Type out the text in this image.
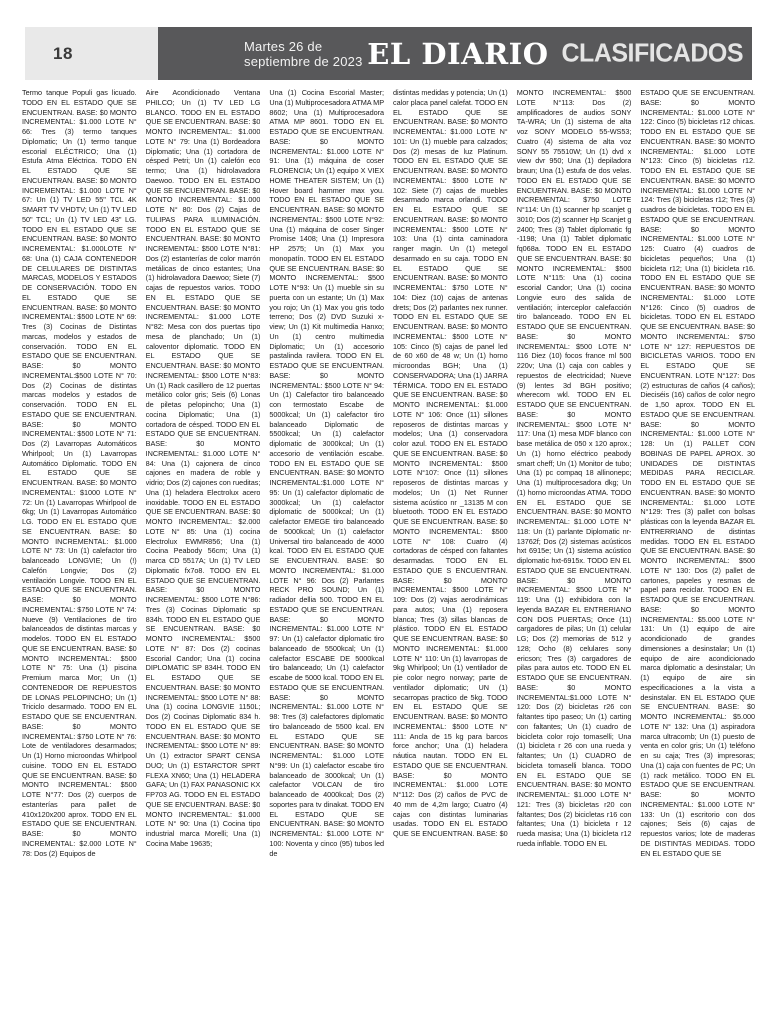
18	Martes 26 de septiembre de 2023 EL DIARIO CLASIFICADOS
Termo tanque Populi gas licuado. TODO EN EL ESTADO QUE SE ENCUENTRAN. BASE: $0 MONTO INCREMENTAL: $1.000 LOTE N° 66: Tres (3) termo tanques Diplomatic; Un (1) termo tanque escorial ELÉCTRICO; Una (1) Estufa Atma Eléctrica. TODO EN EL ESTADO QUE SE ENCUENTRAN. BASE: $0 MONTO INCREMENTAL: $1.000 LOTE N° 67: Un (1) TV LED 55" TCL 4K SMART TV VHDTV; Un (1) TV LED 50" TCL; Un (1) TV LED 43" LG. TODO EN EL ESTADO QUE SE ENCUENTRAN. BASE: $0 MONTO INCREMENTAL: $1.000LOTE N° 68: Una (1) CAJA CONTENEDOR DE CELULARES DE DISTINTAS MARCAS, MODELOS Y ESTADOS DE CONSERVACIÓN. TODO EN EL ESTADO QUE SE ENCUENTRAN. BASE: $0 MONTO INCREMENTAL: $500 LOTE N° 69: Tres (3) Cocinas de Distintas marcas, modelos y estados de conservación. TODO EN EL ESTADO QUE SE ENCUENTRAN. BASE: $0 MONTO INCREMENTAL:$500 LOTE N° 70: Dos (2) Cocinas de distintas marcas modelos y estados de conservación. TODO EN EL ESTADO QUE SE ENCUENTRAN. BASE: $0 MONTO INCREMENTAL: $500 LOTE N° 71: Dos (2) Lavarropas Automáticos Whirlpool; Un (1) Lavarropas Automático Diplomatic. TODO EN EL ESTADO QUE SE ENCUENTRAN. BASE: $0 MONTO INCREMENTAL: $1000 LOTE N° 72: Un (1) Lavarropas Whirlpool de 6kg; Un (1) Lavarropas Automático LG. TODO EN EL ESTADO QUE SE ENCUENTRAN. BASE: $0 MONTO INCREMENTAL: $1.000 LOTE N° 73: Un (1) calefactor tiro balanceado LONGVIE; Un (!) Calefón Longvie; Dos (2) ventilación Longvie. TODO EN EL ESTADO QUE SE ENCUENTRAN. BASE: $0 MONTO INCREMENTAL: $750 LOTE N° 74: Nueve (9) Ventilaciones de tiro balanceados de distintas marcas y modelos. TODO EN EL ESTADO QUE SE ENCUENTRAN. BASE: $0 MONTO INCREMENTAL: $500 LOTE N° 75: Una (1) piscina Premium marca Mor; Un (1) CONTENEDOR DE REPUESTOS DE LONAS PELOPINCHO; Un (1) Triciclo desarmado. TODO EN EL ESTADO QUE SE ENCUENTRAN. BASE: $0 MONTO INCREMENTAL: $750 LOTE N° 76: Lote de ventiladores desarmados; Un (1) Horno microondas Whirlpool cuisine. TODO EN EL ESTADO QUE SE ENCUENTRAN. BASE: $0 MONTO INCREMENTAL: $500 LOTE N°77: Dos (2) cuerpos de estanterías para pallet de 410x120x200 aprox. TODO EN EL ESTADO QUE SE ENCUENTRAN. BASE: $0 MONTO INCREMENTAL: $2.000 LOTE N° 78: Dos (2) Equipos de
Aire Acondicionado Ventana PHILCO; Un (1) TV LED LG BLANCO. TODO EN EL ESTADO QUE SE ENCUENTRAN. BASE: $0 MONTO INCREMENTAL: $1.000 LOTE N° 79: Una (1) Bordeadora Diplomatic; Una (1) cortadora de césped Petri; Un (1) calefón eco termo; Una (1) hidrolavadora Daewoo. TODO EN EL ESTADO QUE SE ENCUENTRAN. BASE: $0 MONTO INCREMENTAL: $1.000 LOTE N° 80: Dos (2) Cajas de TULIPAS PARA ILUMINACIÓN. TODO EN EL ESTADO QUE SE ENCUENTRAN. BASE: $0 MONTO INCREMENTAL: $500 LOTE N°81: Dos (2) estanterías de color marrón metálicas de cinco estantes; Una (1) hidrolavadora Daewoo; Siete (7) cajas de repuestos varios. TODO EN EL ESTADO QUE SE ENCUENTRAN. BASE: $0 MONTO INCREMENTAL: $1.000 LOTE N°82: Mesa con dos puertas tipo mesa de planchado; Un (1) caloventor diplomatic. TODO EN EL ESTADO QUE SE ENCUENTRAN. BASE: $0 MONTO INCREMENTAL: $500 LOTE N°83: Un (1) Rack casillero de 12 puertas metálico color gris; Seis (6) Lonas de piletas pelopincho; Una (1) cocina Diplomatic; Una (1) cortadora de césped. TODO EN EL ESTADO QUE SE ENCUENTRAN. BASE: $0 MONTO INCREMENTAL: $1.000 LOTE N° 84: Una (1) cajonera de cinco cajones en madera de roble y vidrio; Dos (2) cajones con rueditas; Una (1) heladera Electrolux acero inoxidable. TODO EN EL ESTADO QUE SE ENCUENTRAN. BASE: $0 MONTO INCREMENTAL: $2.000 LOTE N° 85: Una (1) cocina Electrolux EWMR856; Una (1) Cocina Peabody 56cm; Una (1) marca CD 5517A; Un (1) TV LED Diplomatic fx7o8. TODO EN EL ESTADO QUE SE ENCUENTRAN. BASE: $0 MONTO INCREMENTAL: $500 LOTE N°86: Tres (3) Cocinas Diplomatic sp 834h. TODO EN EL ESTADO QUE SE ENCUENTRAN. BASE: $0 MONTO INCREMENTAL: $500 LOTE N° 87: Dos (2) cocinas Escorial Candor; Una (1) cocina DIPLOMATIC SP 834H. TODO EN EL ESTADO QUE SE ENCUENTRAN. BASE: $0 MONTO INCREMENTAL: $500 LOTE N° 88: Una (1) cocina LONGVIE 1150L; Dos (2) Cocinas Diplomatic 834 h. TODO EN EL ESTADO QUE SE ENCUENTRAN. BASE: $0 MONTO INCREMENTAL: $500 LOTE N° 89: Un (1) extractor SPART CENSA DUO; Un (1) ESTARCTOR SPRT FLEXA XN60; Una (1) HELADERA GAFA; Un (1) FAX PANASONIC KX FP703 AG. TODO EN EL ESTADO QUE SE ENCUENTRAN. BASE: $0 MONTO INCREMENTAL: $1.000 LOTE N° 90: Una (1) Cocina tipo industrial marca Morelli; Una (1) Cocina Mabe 19635;
Una (1) Cocina Escorial Master; Una (1) Multiprocesadora ATMA MP 8602; Una (1) Multiprocesadora ATMA MP 8601. TODO EN EL ESTADO QUE SE ENCUENTRAN. BASE: $0 MONTO INCREMENTAL: $1.000 LOTE N° 91: Una (1) máquina de coser FLORENCIA; Un (1) equipo X VIEX HOME THEATER SISTEM; Un (1) Hover board hammer max you. TODO EN EL ESTADO QUE SE ENCUENTRAN. BASE: $0 MONTO INCREMENTAL: $500 LOTE N°92: Una (1) máquina de coser Singer Promise 1408; Una (1) Impresora HP 2575; Un (1) Max you monopatín. TODO EN EL ESTADO QUE SE ENCUENTRAN. BASE: $0 MONTO INCREMENTAL: $500 LOTE N°93: Un (1) mueble sin su puerta con un estante; Un (1) Max you rojo; Un (1) Max you gris todo terreno; Dos (2) DVD Suzuki x-view; Un (1) Kit multimedia Hanxo; Un (1) centro multimedia Diplomatic; Un (1) accesorio pastalinda ravilera. TODO EN EL ESTADO QUE SE ENCUENTRAN. BASE: $0 MONTO INCREMENTAL: $500 LOTE N° 94: Un (1) Calefactor tiro balanceado con termostato Escabe de 5000kcal; Un (1) calefactor tiro balanceado Diplomatic de 5500kcal; Un (1) calefactor diplomatic de 3000kcal; Un (1) accesorio de ventilación escabe. TODO EN EL ESTADO QUE SE ENCUENTRAN. BASE: $0 MONTO INCREMENTAL:$1.000 LOTE N° 95: Un (1) calefactor diplomatic de 3000kcal; Un (1) calefactor diplomatic de 5000kcal; Un (1) calefactor EMEGE tiro balanceado de 5000kcal; Un (1) calefactor Universal tiro balanceado de 4000 kcal. TODO EN EL ESTADO QUE SE ENCUENTRAN. BASE: $0 MONTO INCREMENTAL: $1.000 LOTE N° 96: Dos (2) Parlantes RECK PRO SOUND; Un (1) radiador dellia 500. TODO EN EL ESTADO QUE SE ENCUENTRAN. BASE: $0 MONTO INCREMENTAL: $1.000 LOTE N° 97: Un (1) calefactor diplomatic tiro balanceado de 5500kcal; Un (1) calefactor ESCABE DE 5000kcal tiro balanceado; Un (1) calefactor escabe de 5000 kcal. TODO EN EL ESTADO QUE SE ENCUENTRAN. BASE: $0 MONTO INCREMENTAL: $1.000 LOTE N° 98: Tres (3) calefactores diplomatic tiro balanceado de 5500 kcal. EN EL ESTADO QUE SE ENCUENTRAN. BASE: $0 MONTO INCREMENTAL: $1.000 LOTE N°99: Un (1) calefactor escabe tiro balanceado de 3000kcal; Un (1) calefactor VOLCAN de tiro balanceado de 4000kcal; Dos (2) soportes para tv dinakat. TODO EN EL ESTADO QUE SE ENCUENTRAN. BASE: $0 MONTO INCREMENTAL: $1.000 LOTE N° 100: Noventa y cinco (95) tubos led de
distintas medidas y potencia; Un (1) calor placa panel calefat. TODO EN EL ESTADO QUE SE ENCUENTRAN. BASE: $0 MONTO INCREMENTAL: $1.000 LOTE N° 101: Un (1) mueble para calzados; Dos (2) mesas de luz Platinum. TODO EN EL ESTADO QUE SE ENCUENTRAN. BASE: $0 MONTO INCREMENTAL: $500 LOTE N° 102: Siete (7) cajas de muebles desarmado marca orlandi. TODO EN EL ESTADO QUE SE ENCUENTRAN. BASE: $0 MONTO INCREMENTAL: $500 LOTE N° 103: Una (1) cinta caminadora ranger magin. Un (1) metegol desarmado en su caja. TODO EN EL ESTADO QUE SE ENCUENTRAN. BASE: $0 MONTO INCREMENTAL: $750 LOTE N° 104: Diez (10) cajas de antenas drets; Dos (2) parlantes nex runner. TODO EN EL ESTADO QUE SE ENCUENTRAN. BASE: $0 MONTO INCREMENTAL: $500 LOTE N° 105: Cinco (5) cajas de panel led de 60 x60 de 48 w; Un (1) horno microondas BGH; Una (1) CONSERVADORA; Una (1) JARRA TÉRMICA. TODO EN EL ESTADO QUE SE ENCUENTRAN. BASE: $0 MONTO INCREMENTAL: $1.000 LOTE N° 106: Once (11) sillones reposeros de distintas marcas y modelos; Una (1) conservadora color azul. TODO EN EL ESTADO QUE SE ENCUENTRAN. BASE: $0 MONTO INCREMENTAL: $500 LOTE N°107: Once (11) sillones reposeros de distintas marcas y modelos; Un (1) Net Runner sistema acústico nr _13135 M con bluetooth. TODO EN EL ESTADO QUE SE ENCUENTRAN. BASE: $0 MONTO INCREMENTAL: $500 LOTE N° 108: Cuatro (4) cortadoras de césped con faltantes desarmadas. TODO EN EL ESTADO QUE S ENCUENTRAN. BASE: $0 MONTO INCREMENTAL: $500 LOTE N° 109: Dos (2) vajas aerodinámicas para autos; Una (1) reposera blanca; Tres (3) sillas blancas de plástico. TODO EN EL ESTADO QUE SE ENCUENTRAN. BASE: $0 MONTO INCREMENTAL: $1.000 LOTE N° 110: Un (1) lavarropas de 9kg Whirlpool; Un (1) ventilador de pie color negro norway; parte de ventilador diplomatic; UN (1) secarropas practico de 5kg. TODO EN EL ESTADO QUE SE ENCUENTRAN. BASE: $0 MONTO INCREMENTAL: $500 LOTE N° 111: Ancla de 15 kg para barcos force anchor; Una (1) heladera náutica nautan. TODO EN EL ESTADO QUE SE ENCUENTRAN. BASE: $0 MONTO INCREMENTAL: $1.000 LOTE N°112: Dos (2) caños de PVC de 40 mm de 4,2m largo; Cuatro (4) cajas con distintas luminarias usadas. TODO EN EL ESTADO QUE SE ENCUENTRAN. BASE: $0
MONTO INCREMENTAL: $500 LOTE N°113: Dos (2) amplificadores de audios SONY TA-WRA; Un (1) sistema de alta voz SONY MODELO 55-WS53; Cuatro (4) sistema de alta voz SONY 55 75510W; Un (1) dvd x view dvr 950; Una (1) depiladora braun; Una (1) estufa de dos velas. TODO EN EL ESTADO QUE SE ENCUENTRAN. BASE: $0 MONTO INCREMENTAL: $750 LOTE N°114: Un (1) scanner hp scanjet g 3010; Dos (2) scanner Hp Scanjet g 2400; Tres (3) Tablet diplomatic fg -1198; Una (1) Tablet diplomatic fq068a. TODO EN EL ESTADO QUE SE ENCUENTRAN. BASE: $0 MONTO INCREMENTAL: $500 LOTE N°115: Una (1) cocina escorial Candor; Una (1) cocina Longvie euro des salida de ventilación; interceplor calefacción tiro balanceado. TODO EN EL ESTADO QUE SE ENCUENTRAN. BASE: $0 MONTO INCREMENTAL: $500 LOTE N° 116 Diez (10) focos france ml 500 220v; Una (1) caja con cables y repuestos de electricidad; Nueve (9) lentes 3d BGH positivo; wherecom wkl. TODO EN EL ESTADO QUE SE ENCUENTRAN. BASE: $0 MONTO INCREMENTAL: $500 LOTE N° 117: Una (1) mesa MDF blanco con base metálica de 050 x 120 aprox.; Un (1) horno eléctrico peabody smart cheff; Un (1) Monitor de tubo; Una (1) pc compaq 18 allinonepc; Una (1) multiprocesadora dkg; Un (1) horno microondas ATMA. TODO EN EL ESTADO QUE SE ENCUENTRAN. BASE: $0 MONTO INCREMENTAL: $1.000 LOTE N° 118: Un (1) parlante Diplomatic nr-13762f; Dos (2) sistemas acústicos hxt 6915e; Un (1) sistema acústico diplomatic hxt-6915x. TODO EN EL ESTADO QUE SE ENCUENTRAN. BASE: $0 MONTO INCREMENTAL: $500 LOTE N° 119: Una (1) exhibidora con la leyenda BAZAR EL ENTRERIANO CON DOS PUERTAS; Once (11) cargadores de pilas; Un (1) celular LG; Dos (2) memorias de 512 y 128; Ocho (8) celulares sony ericson; Tres (3) cargadores de pilas para autos etc. TODO EN EL ESTADO QUE SE ENCUENTRAN. BASE: $0 MONTO INCREMENTAL:$1.000 LOTE N° 120: Dos (2) bicicletas r26 con faltantes tipo paseo; Un (1) carting con faltantes; Un (1) cuadro de bicicleta color rojo tomaselli; Una (1) bicicleta r 26 con una rueda y faltantes; Un (1) CUADRO de bicicleta tomaselli blanca. TODO EN EL ESTADO QUE SE ENCUENTRAN. BASE: $0 MONTO INCREMENTAL: $1.000 LOTE N° 121: Tres (3) bicicletas r20 con faltantes; Dos (2) bicicletas r16 con faltantes; Una (1) bicicleta r 12 rueda masisa; Una (1) bicicleta r12 rueda inflable. TODO EN EL
ESTADO QUE SE ENCUENTRAN. BASE: $0 MONTO INCREMENTAL: $1.000 LOTE N° 122: Cinco (5) bicicletas r12 chicas. TODO EN EL ESTADO QUE SE ENCUENTRAN. BASE: $0 MONTO INCREMENTAL: $1.000 LOTE N°123: Cinco (5) bicicletas r12. TODO EN EL ESTADO QUE SE ENCUENTRAN. BASE: $0 MONTO INCREMENTAL: $1.000 LOTE N° 124: Tres (3) bicicletas r12; Tres (3) cuadros de bicicletas. TODO EN EL ESTADO QUE SE ENCUENTRAN. BASE: $0 MONTO INCREMENTAL: $1.000 LOTE N° 125: Cuatro (4) cuadros de bicicletas pequeños; Una (1) bicicleta r12; Una (1) bicicleta r16. TODO EN EL ESTADO QUE SE ENCUENTRAN. BASE: $0 MONTO INCREMENTAL: $1.000 LOTE N°126: Cinco (5) cuadros de bicicletas. TODO EN EL ESTADO QUE SE ENCUENTRAN. BASE: $0 MONTO INCREMENTAL: $750 LOTE N° 127: REPUESTOS DE BICICLETAS VARIOS. TODO EN EL ESTADO QUE SE ENCUENTRAN. LOTE N°127: Dos (2) estructuras de caños (4 caños); Dieciséis (16) caños de color negro de 1,50 aprox. TODO EN EL ESTADO QUE SE ENCUENTRAN. BASE: $0 MONTO INCREMENTAL: $1.000 LOTE N° 128: Un (1) PALLET CON BOBINAS DE PAPEL APROX. 30 UNIDADES DE DISTINTAS MEDIDAS PARA RECICLAR. TODO EN EL ESTADO QUE SE ENCUENTRAN. BASE: $0 MONTO INCREMENTAL: $1.000 LOTE N°129: Tres (3) pallet con bolsas plásticas con la leyenda BAZAR EL ENTRERRIANO de distintas medidas. TODO EN EL ESTADO QUE SE ENCUENTRAN. BASE: $0 MONTO INCREMENTAL: $500 LOTE N° 130: Dos (2) pallet de cartones, papeles y resmas de papel para reciclar. TODO EN EL ESTADO QUE SE ENCUENTRAN. BASE: $0 MONTO INCREMENTAL: $5.000 LOTE N° 131: Un (1) equipo de aire acondicionado de grandes dimensiones a desinstalar; Un (1) equipo de aire acondicionado marca diplomatic a desinstalar; Un (1) equipo de aire sin especificaciones a la vista a desinstalar. EN EL ESTADO QUE SE ENCUENTRAN. BASE: $0 MONTO INCREMENTAL: $5.000 LOTE N° 132: Una (1) aspiradora marca ultracomb; Un (1) puesto de venta en color gris; Un (1) teléfono en su caja; Tres (3) impresoras; Una (1) caja con fuentes de PC; Un (1) rack metálico. TODO EN EL ESTADO QUE SE ENCUENTRAN. BASE: $0 MONTO INCREMENTAL: $1.000 LOTE N° 133: Un (1) escritorio con dos cajones; Seis (6) cajas de repuestos varios; lote de maderas DE DISTINTAS MEDIDAS. TODO EN EL ESTADO QUE SE
